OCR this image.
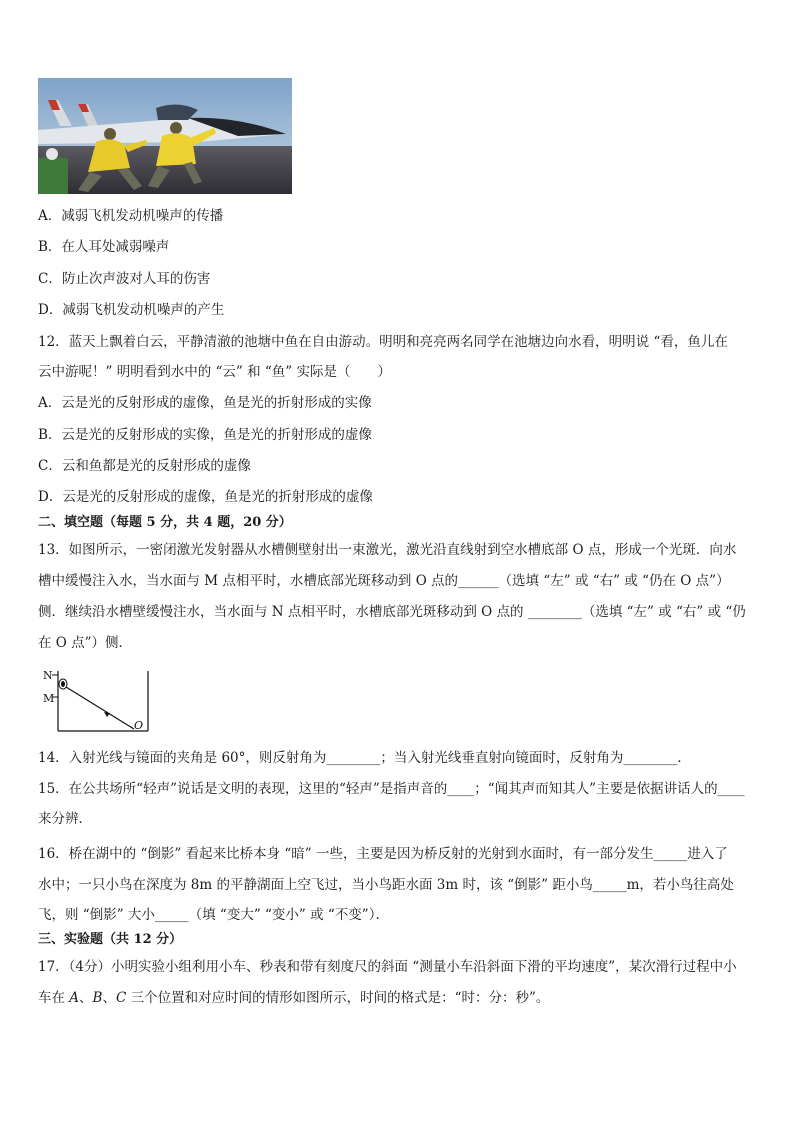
101
A．减弱飞机发动机噪声的传播
B．在人耳处减弱噪声
C．防止次声波对人耳的伤害
D．减弱飞机发动机噪声的产生
12．蓝天上飘着白云，平静清澈的池塘中鱼在自由游动。明明和亮亮两名同学在池塘边向水看，明明说 “看，鱼儿在
云中游呢！” 明明看到水中的 “云” 和 “鱼” 实际是（　　）
A．云是光的反射形成的虚像，鱼是光的折射形成的实像
B．云是光的反射形成的实像，鱼是光的折射形成的虚像
C．云和鱼都是光的反射形成的虚像
D．云是光的反射形成的虚像，鱼是光的折射形成的虚像
二、填空题（每题 5 分，共 4 题，20 分）
13．如图所示，一密闭激光发射器从水槽侧壁射出一束激光，激光沿直线射到空水槽底部 O 点，形成一个光斑．向水
槽中缓慢注入水，当水面与 M 点相平时，水槽底部光斑移动到 O 点的______（选填 “左” 或 “右” 或 “仍在 O 点”）
侧．继续沿水槽壁缓慢注水，当水面与 N 点相平时，水槽底部光斑移动到 O 点的 ________（选填 “左” 或 “右” 或 “仍
在 O 点”）侧．
N
M
O
14．入射光线与镜面的夹角是 60°，则反射角为________；当入射光线垂直射向镜面时，反射角为________．
15．在公共场所“轻声”说话是文明的表现，这里的“轻声”是指声音的____；“闻其声而知其人”主要是依据讲话人的____
来分辨．
16．桥在湖中的 “倒影” 看起来比桥本身 “暗” 一些，主要是因为桥反射的光射到水面时，有一部分发生_____进入了
水中；一只小鸟在深度为 8m 的平静湖面上空飞过，当小鸟距水面 3m 时，该 “倒影” 距小鸟_____m，若小鸟往高处
飞，则 “倒影” 大小_____（填 “变大” “变小” 或 “不变”）．
三、实验题（共 12 分）
17．（4分）小明实验小组利用小车、秒表和带有刻度尺的斜面 “测量小车沿斜面下滑的平均速度”，某次滑行过程中小
车在 A、B、C 三个位置和对应时间的情形如图所示，时间的格式是：“时：分：秒”。
